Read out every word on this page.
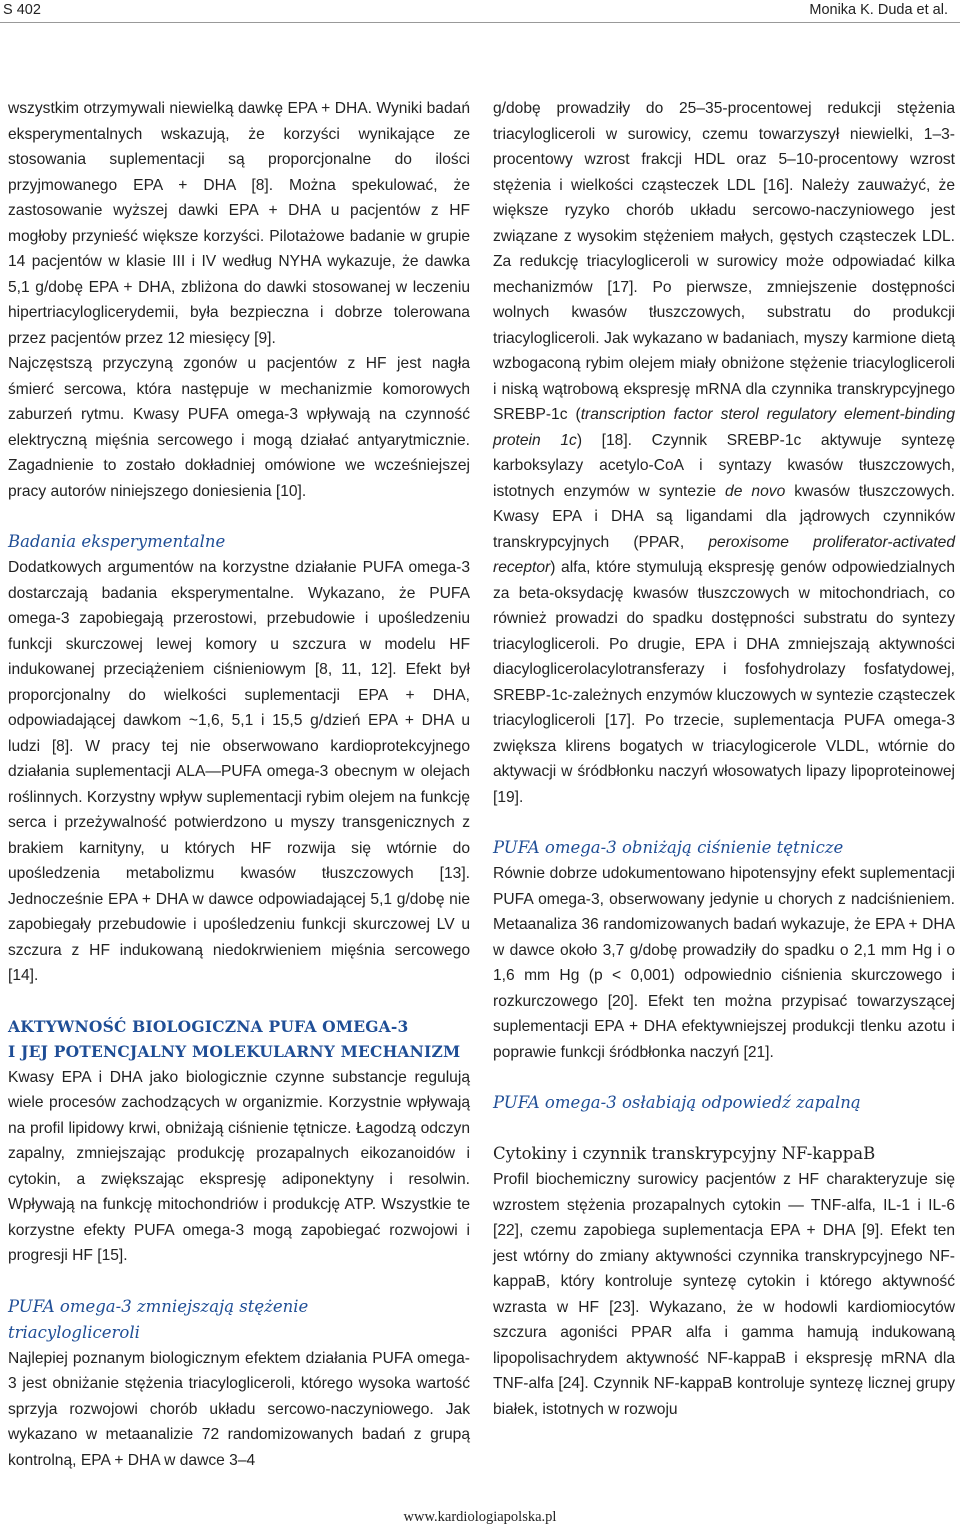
S 402	Monika K. Duda et al.

wszystkim otrzymywali niewielką dawkę EPA + DHA. Wyniki badań eksperymentalnych wskazują, że korzyści wynikające ze stosowania suplementacji są proporcjonalne do ilości przyjmowanego EPA + DHA [8]. Można spekulować, że zastosowanie wyższej dawki EPA + DHA u pacjentów z HF mogłoby przynieść większe korzyści. Pilotażowe badanie w grupie 14 pacjentów w klasie III i IV według NYHA wykazuje, że dawka 5,1 g/dobę EPA + DHA, zbliżona do dawki stosowanej w leczeniu hipertriacyloglicerydemii, była bezpieczna i dobrze tolerowana przez pacjentów przez 12 miesięcy [9].

Najczęstszą przyczyną zgonów u pacjentów z HF jest nagła śmierć sercowa, która następuje w mechanizmie komorowych zaburzeń rytmu. Kwasy PUFA omega-3 wpływają na czynność elektryczną mięśnia sercowego i mogą działać antyarytmicznie. Zagadnienie to zostało dokładniej omówione we wcześniejszej pracy autorów niniejszego doniesienia [10].

Badania eksperymentalne

Dodatkowych argumentów na korzystne działanie PUFA omega-3 dostarczają badania eksperymentalne. Wykazano, że PUFA omega-3 zapobiegają przerostowi, przebudowie i upośledzeniu funkcji skurczowej lewej komory u szczura w modelu HF indukowanej przeciążeniem ciśnieniowym [8, 11, 12]. Efekt był proporcjonalny do wielkości suplementacji EPA + DHA, odpowiadającej dawkom ~1,6, 5,1 i 15,5 g/dzień EPA + DHA u ludzi [8]. W pracy tej nie obserwowano kardioprotekcyjnego działania suplementacji ALA—PUFA omega-3 obecnym w olejach roślinnych. Korzystny wpływ suplementacji rybim olejem na funkcję serca i przeżywalność potwierdzono u myszy transgenicznych z brakiem karnityny, u których HF rozwija się wtórnie do upośledzenia metabolizmu kwasów tłuszczowych [13]. Jednocześnie EPA + DHA w dawce odpowiadającej 5,1 g/dobę nie zapobiegały przebudowie i upośledzeniu funkcji skurczowej LV u szczura z HF indukowaną niedokrwieniem mięśnia sercowego [14].

AKTYWNOŚĆ BIOLOGICZNA PUFA OMEGA-3
I JEJ POTENCJALNY MOLEKULARNY MECHANIZM

Kwasy EPA i DHA jako biologicznie czynne substancje regulują wiele procesów zachodzących w organizmie. Korzystnie wpływają na profil lipidowy krwi, obniżają ciśnienie tętnicze. Łagodzą odczyn zapalny, zmniejszając produkcję prozapalnych eikozanoidów i cytokin, a zwiększając ekspresję adiponektyny i resolwin. Wpływają na funkcję mitochondriów i produkcję ATP. Wszystkie te korzystne efekty PUFA omega-3 mogą zapobiegać rozwojowi i progresji HF [15].

PUFA omega-3 zmniejszają stężenie
triacylogliceroli

Najlepiej poznanym biologicznym efektem działania PUFA omega-3 jest obniżanie stężenia triacylogliceroli, którego wysoka wartość sprzyja rozwojowi chorób układu sercowo-naczyniowego. Jak wykazano w metaanalizie 72 randomizowanych badań z grupą kontrolną, EPA + DHA w dawce 3–4

g/dobę prowadziły do 25–35-procentowej redukcji stężenia triacylogliceroli w surowicy, czemu towarzyszył niewielki, 1–3-procentowy wzrost frakcji HDL oraz 5–10-procentowy wzrost stężenia i wielkości cząsteczek LDL [16]. Należy zauważyć, że większe ryzyko chorób układu sercowo-naczyniowego jest związane z wysokim stężeniem małych, gęstych cząsteczek LDL. Za redukcję triacylogliceroli w surowicy może odpowiadać kilka mechanizmów [17]. Po pierwsze, zmniejszenie dostępności wolnych kwasów tłuszczowych, substratu do produkcji triacylogliceroli. Jak wykazano w badaniach, myszy karmione dietą wzbogaconą rybim olejem miały obniżone stężenie triacylogliceroli i niską wątrobową ekspresję mRNA dla czynnika transkrypcyjnego SREBP-1c (transcription factor sterol regulatory element-binding protein 1c) [18]. Czynnik SREBP-1c aktywuje syntezę karboksylazy acetylo-CoA i syntazy kwasów tłuszczowych, istotnych enzymów w syntezie de novo kwasów tłuszczowych. Kwasy EPA i DHA są ligandami dla jądrowych czynników transkrypcyjnych (PPAR, peroxisome proliferator-activated receptor) alfa, które stymulują ekspresję genów odpowiedzialnych za beta-oksydację kwasów tłuszczowych w mitochondriach, co również prowadzi do spadku dostępności substratu do syntezy triacylogliceroli. Po drugie, EPA i DHA zmniejszają aktywności diacyloglicerolacylotransferazy i fosfohydrolazy fosfatydowej, SREBP-1c-zależnych enzymów kluczowych w syntezie cząsteczek triacylogliceroli [17]. Po trzecie, suplementacja PUFA omega-3 zwiększa klirens bogatych w triacylogicerole VLDL, wtórnie do aktywacji w śródbłonku naczyń włosowatych lipazy lipoproteinowej [19].

PUFA omega-3 obniżają ciśnienie tętnicze

Równie dobrze udokumentowano hipotensyjny efekt suplementacji PUFA omega-3, obserwowany jedynie u chorych z nadciśnieniem. Metaanaliza 36 randomizowanych badań wykazuje, że EPA + DHA w dawce około 3,7 g/dobę prowadziły do spadku o 2,1 mm Hg i o 1,6 mm Hg (p < 0,001) odpowiednio ciśnienia skurczowego i rozkurczowego [20]. Efekt ten można przypisać towarzyszącej suplementacji EPA + DHA efektywniejszej produkcji tlenku azotu i poprawie funkcji śródbłonka naczyń [21].

PUFA omega-3 osłabiają odpowiedź zapalną
Cytokiny i czynnik transkrypcyjny NF-kappaB

Profil biochemiczny surowicy pacjentów z HF charakteryzuje się wzrostem stężenia prozapalnych cytokin — TNF-alfa, IL-1 i IL-6 [22], czemu zapobiega suplementacja EPA + DHA [9]. Efekt ten jest wtórny do zmiany aktywności czynnika transkrypcyjnego NF-kappaB, który kontroluje syntezę cytokin i którego aktywność wzrasta w HF [23]. Wykazano, że w hodowli kardiomiocytów szczura agoniści PPAR alfa i gamma hamują indukowaną lipopolisachrydem aktywność NF-kappaB i ekspresję mRNA dla TNF-alfa [24]. Czynnik NF-kappaB kontroluje syntezę licznej grupy białek, istotnych w rozwoju

www.kardiologiapolska.pl
